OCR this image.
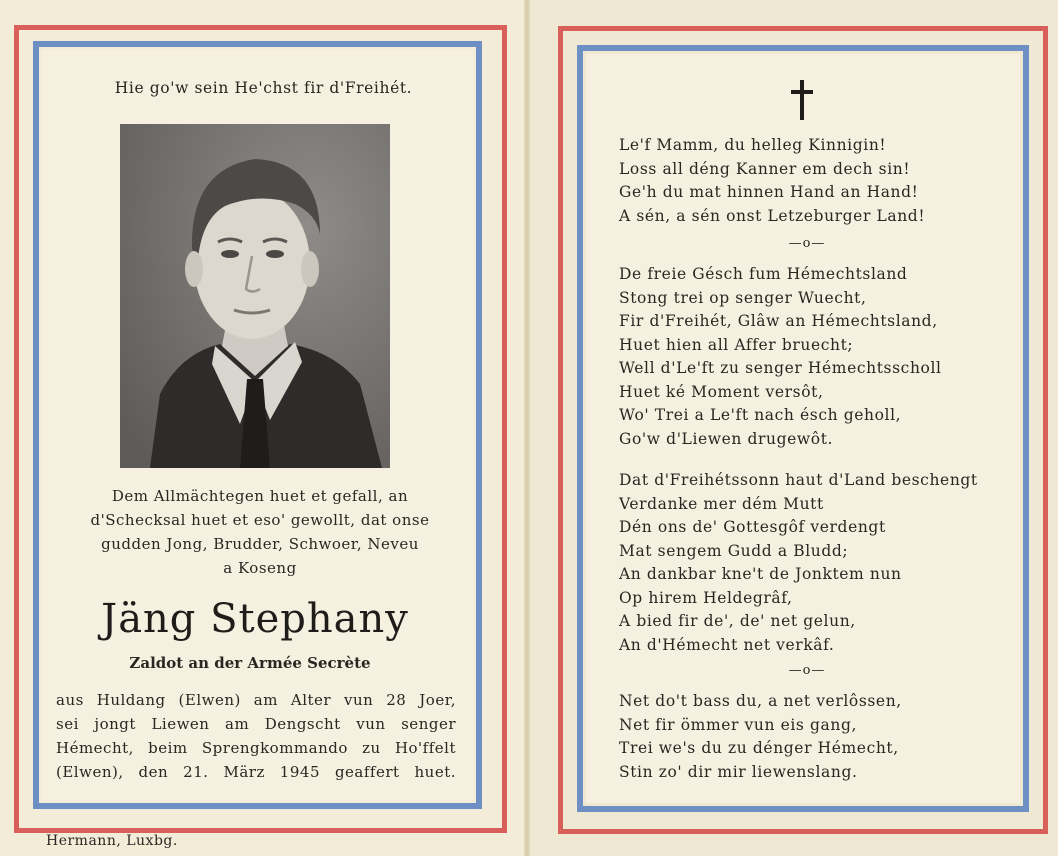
Hie go'w sein He'chst fir d'Freihét.
Dem Allmächtegen huet et gefall, an
d'Schecksal huet et eso' gewollt, dat onse
gudden Jong, Brudder, Schwoer, Neveu
a Koseng
Jäng Stephany
Zaldot an der Armée Secrète
aus Huldang (Elwen) am Alter vun 28 Joer,
sei jongt Liewen am Dengscht vun senger
Hémecht, beim Sprengkommando zu Ho'ffelt
(Elwen), den 21. März 1945 geaffert huet.
Hermann, Luxbg.
Le'f Mamm, du helleg Kinnigin!
Loss all déng Kanner em dech sin!
Ge'h du mat hinnen Hand an Hand!
A sén, a sén onst Letzeburger Land!
—o—
De freie Gésch fum Hémechtsland
Stong trei op senger Wuecht,
Fir d'Freihét, Glâw an Hémechtsland,
Huet hien all Affer bruecht;
Well d'Le'ft zu senger Hémechtsscholl
Huet ké Moment versôt,
Wo' Trei a Le'ft nach ésch geholl,
Go'w d'Liewen drugewôt.
Dat d'Freihétssonn haut d'Land beschengt
Verdanke mer dém Mutt
Dén ons de' Gottesgôf verdengt
Mat sengem Gudd a Bludd;
An dankbar kne't de Jonktem nun
Op hirem Heldegrâf,
A bied fir de', de' net gelun,
An d'Hémecht net verkâf.
—o—
Net do't bass du, a net verlôssen,
Net fir ömmer vun eis gang,
Trei we's du zu dénger Hémecht,
Stin zo' dir mir liewenslang.
